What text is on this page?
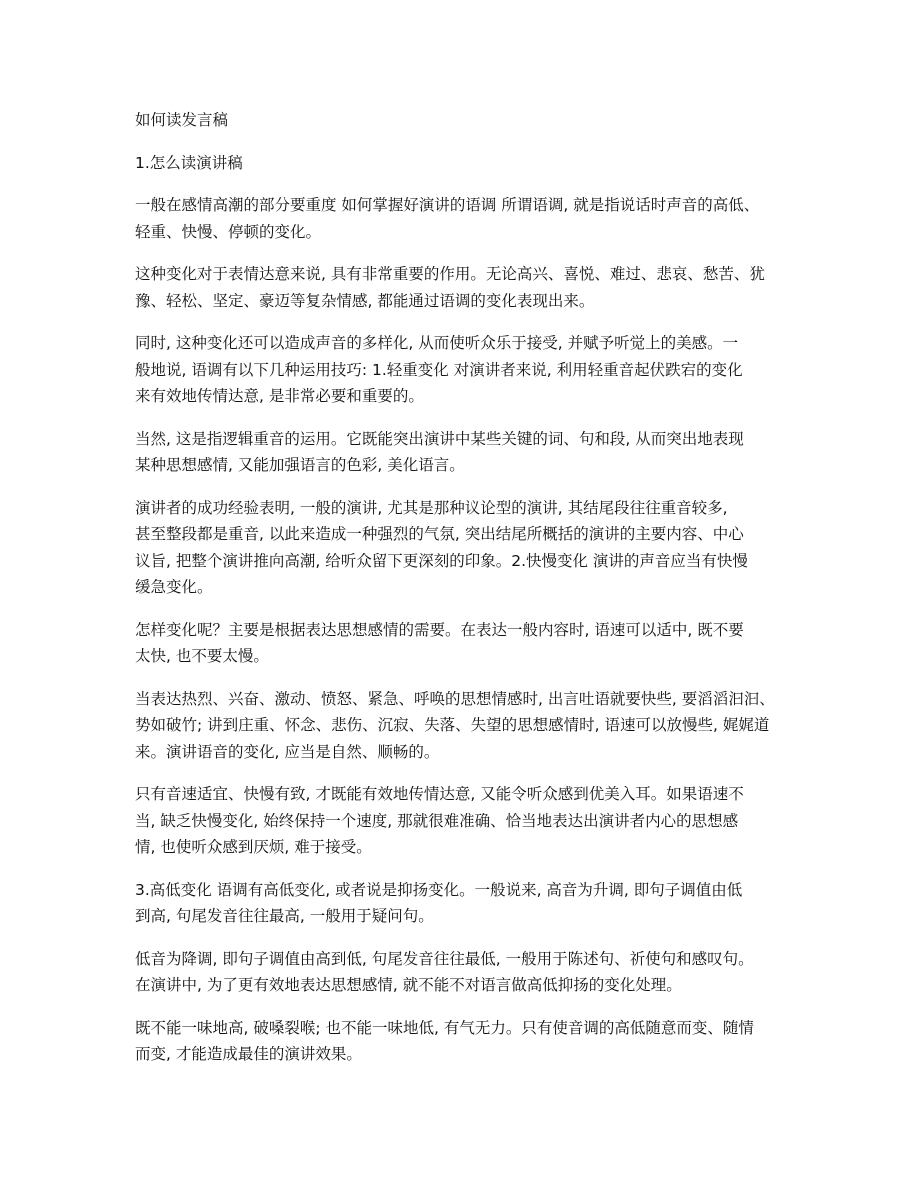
如何读发言稿

1.怎么读演讲稿

一般在感情高潮的部分要重度 如何掌握好演讲的语调 所谓语调, 就是指说话时声音的高低、
轻重、快慢、停顿的变化。

这种变化对于表情达意来说, 具有非常重要的作用。无论高兴、喜悦、难过、悲哀、愁苦、犹
豫、轻松、坚定、豪迈等复杂情感, 都能通过语调的变化表现出来。

同时, 这种变化还可以造成声音的多样化, 从而使听众乐于接受, 并赋予听觉上的美感。一
般地说, 语调有以下几种运用技巧: 1.轻重变化 对演讲者来说, 利用轻重音起伏跌宕的变化
来有效地传情达意, 是非常必要和重要的。

当然, 这是指逻辑重音的运用。它既能突出演讲中某些关键的词、句和段, 从而突出地表现
某种思想感情, 又能加强语言的色彩, 美化语言。

演讲者的成功经验表明, 一般的演讲, 尤其是那种议论型的演讲, 其结尾段往往重音较多,
甚至整段都是重音, 以此来造成一种强烈的气氛, 突出结尾所概括的演讲的主要内容、中心
议旨, 把整个演讲推向高潮, 给听众留下更深刻的印象。2.快慢变化 演讲的声音应当有快慢
缓急变化。

怎样变化呢？主要是根据表达思想感情的需要。在表达一般内容时, 语速可以适中, 既不要
太快, 也不要太慢。

当表达热烈、兴奋、激动、愤怒、紧急、呼唤的思想情感时, 出言吐语就要快些, 要滔滔汩汩、
势如破竹; 讲到庄重、怀念、悲伤、沉寂、失落、失望的思想感情时, 语速可以放慢些, 娓娓道
来。演讲语音的变化, 应当是自然、顺畅的。

只有音速适宜、快慢有致, 才既能有效地传情达意, 又能令听众感到优美入耳。如果语速不
当, 缺乏快慢变化, 始终保持一个速度, 那就很难准确、恰当地表达出演讲者内心的思想感
情, 也使听众感到厌烦, 难于接受。

3.高低变化 语调有高低变化, 或者说是抑扬变化。一般说来, 高音为升调, 即句子调值由低
到高, 句尾发音往往最高, 一般用于疑问句。

低音为降调, 即句子调值由高到低, 句尾发音往往最低, 一般用于陈述句、祈使句和感叹句。
在演讲中, 为了更有效地表达思想感情, 就不能不对语言做高低抑扬的变化处理。

既不能一味地高, 破嗓裂喉; 也不能一味地低, 有气无力。只有使音调的高低随意而变、随情
而变, 才能造成最佳的演讲效果。
